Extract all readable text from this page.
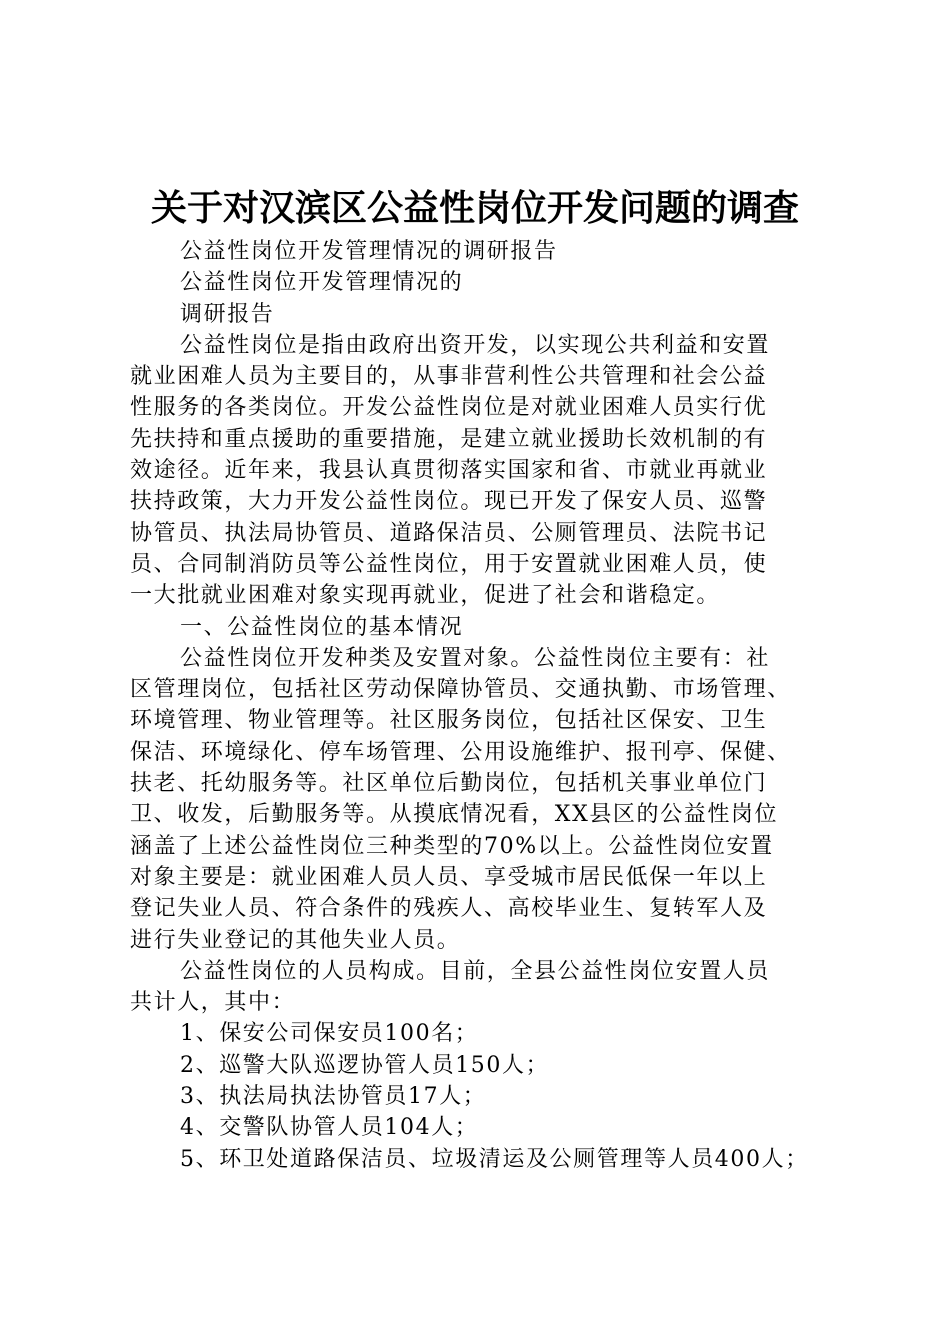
关于对汉滨区公益性岗位开发问题的调查
公益性岗位开发管理情况的调研报告
公益性岗位开发管理情况的
调研报告
公益性岗位是指由政府出资开发，以实现公共利益和安置
就业困难人员为主要目的，从事非营利性公共管理和社会公益
性服务的各类岗位。开发公益性岗位是对就业困难人员实行优
先扶持和重点援助的重要措施，是建立就业援助长效机制的有
效途径。近年来，我县认真贯彻落实国家和省、市就业再就业
扶持政策，大力开发公益性岗位。现已开发了保安人员、巡警
协管员、执法局协管员、道路保洁员、公厕管理员、法院书记
员、合同制消防员等公益性岗位，用于安置就业困难人员，使
一大批就业困难对象实现再就业，促进了社会和谐稳定。
一、公益性岗位的基本情况
公益性岗位开发种类及安置对象。公益性岗位主要有：社
区管理岗位，包括社区劳动保障协管员、交通执勤、市场管理、
环境管理、物业管理等。社区服务岗位，包括社区保安、卫生
保洁、环境绿化、停车场管理、公用设施维护、报刊亭、保健、
扶老、托幼服务等。社区单位后勤岗位，包括机关事业单位门
卫、收发，后勤服务等。从摸底情况看，XX县区的公益性岗位
涵盖了上述公益性岗位三种类型的70%以上。公益性岗位安置
对象主要是：就业困难人员人员、享受城市居民低保一年以上
登记失业人员、符合条件的残疾人、高校毕业生、复转军人及
进行失业登记的其他失业人员。
公益性岗位的人员构成。目前，全县公益性岗位安置人员
共计人，其中：
1、保安公司保安员100名；
2、巡警大队巡逻协管人员150人；
3、执法局执法协管员17人；
4、交警队协管人员104人；
5、环卫处道路保洁员、垃圾清运及公厕管理等人员400人；
